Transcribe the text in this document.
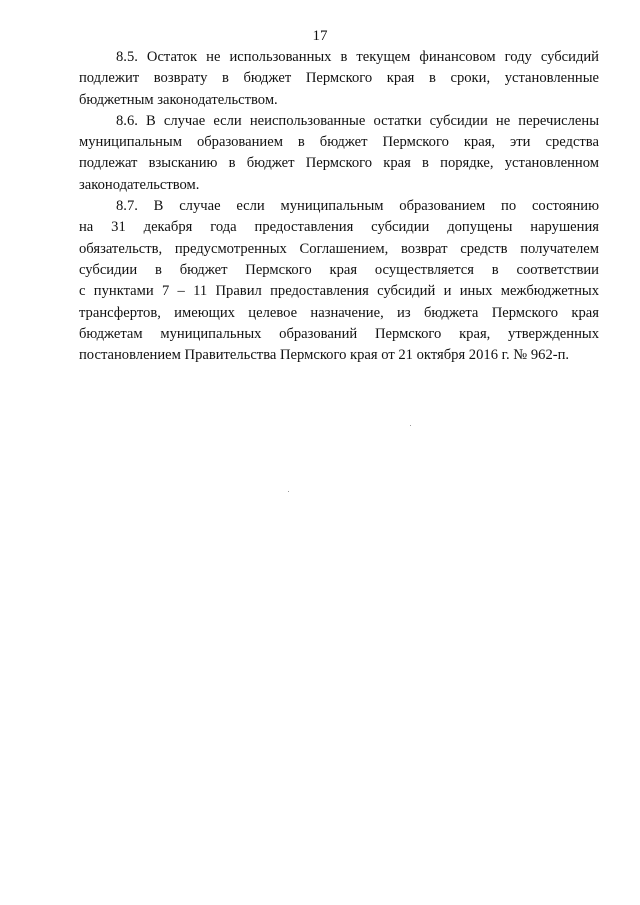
17

8.5. Остаток не использованных в текущем финансовом году субсидий
подлежит возврату в бюджет Пермского края в сроки, установленные
бюджетным законодательством.

8.6. В случае если неиспользованные остатки субсидии не перечислены
муниципальным образованием в бюджет Пермского края, эти средства
подлежат взысканию в бюджет Пермского края в порядке, установленном
законодательством.

8.7. В случае если муниципальным образованием по состоянию
на 31 декабря года предоставления субсидии допущены нарушения
обязательств, предусмотренных Соглашением, возврат средств получателем
субсидии в бюджет Пермского края осуществляется в соответствии
с пунктами 7 – 11 Правил предоставления субсидий и иных межбюджетных
трансфертов, имеющих целевое назначение, из бюджета Пермского края
бюджетам муниципальных образований Пермского края, утвержденных
постановлением Правительства Пермского края от 21 октября 2016 г. № 962-п.
